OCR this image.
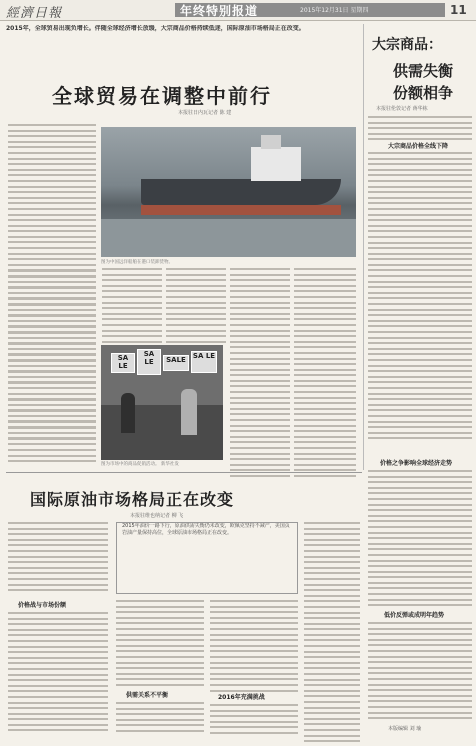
經濟日報	年终特别报道	2015年12月31日 星期四	11
2015年，全球贸易出现负增长。伴随全球经济增长放缓，大宗商品价格持续低迷，国际原油市场格局正在改变。
全球贸易在调整中前行
本报驻日内瓦记者 陈 建
图为中国远洋船舶在港口装卸货物。
SA LE
SA LE	SALE	SA LE
图为市场中的商品促销活动。 新华社发
大宗商品：
供需失衡
份额相争
本报驻伦敦记者 蒋华栋
大宗商品价格全线下降
价格之争影响全球经济走势
低价反弹或成明年趋势
本版编辑 刘 瑜
国际原油市场格局正在改变
本报驻维也纳记者 柳 飞
价格战与市场份额
2015年油价一路下行，原油供需失衡仍未改变，欧佩克坚持不减产，美国页岩油产量保持高位，全球原油市场格局正在改变。
供需关系不平衡	2016年充满挑战
